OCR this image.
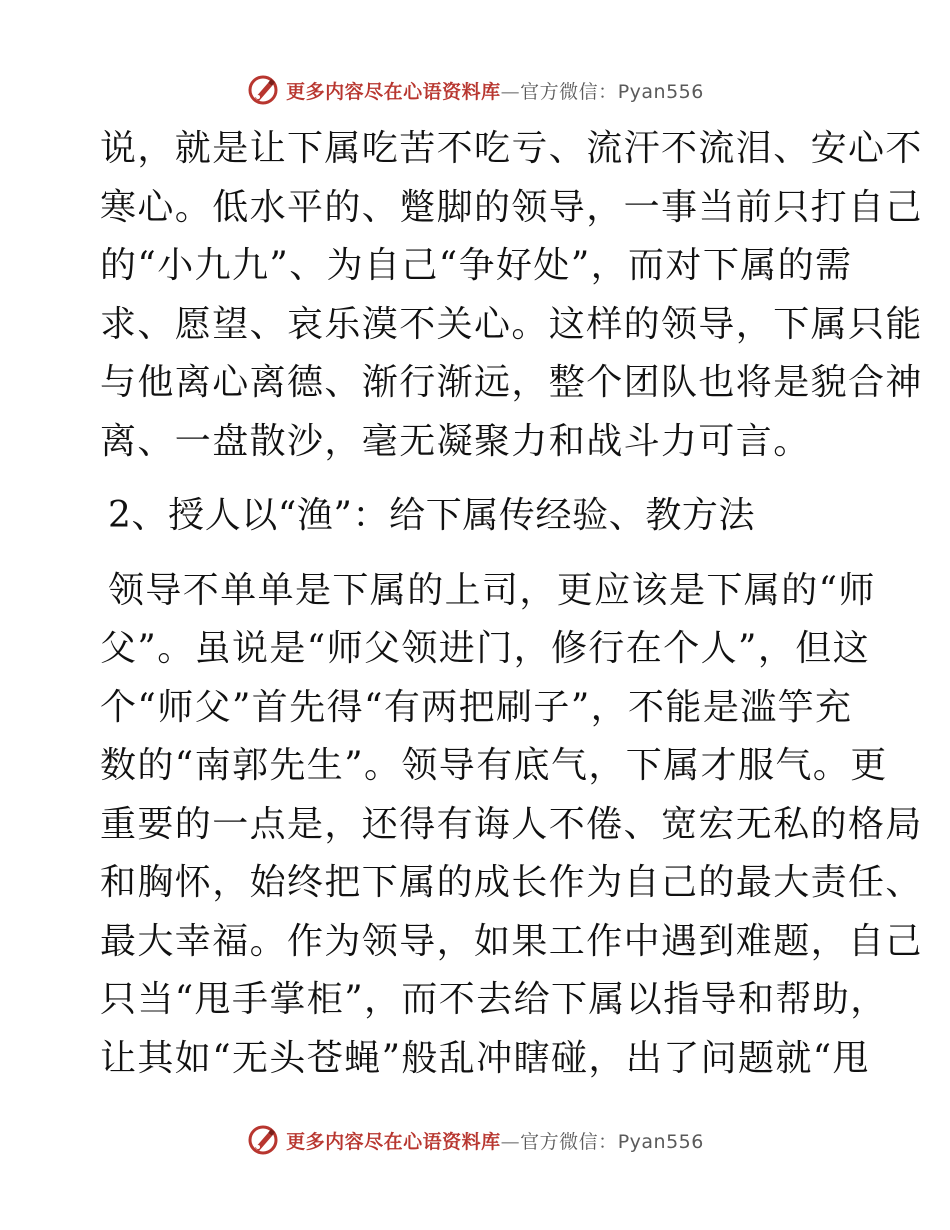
更多内容尽在心语资料库—官方微信：Pyan556
说，就是让下属吃苦不吃亏、流汗不流泪、安心不
寒心。低水平的、蹩脚的领导，一事当前只打自己
的“小九九”、为自己“争好处”，而对下属的需
求、愿望、哀乐漠不关心。这样的领导，下属只能
与他离心离德、渐行渐远，整个团队也将是貌合神
离、一盘散沙，毫无凝聚力和战斗力可言。
2、授人以“渔”：给下属传经验、教方法
领导不单单是下属的上司，更应该是下属的“师
父”。虽说是“师父领进门，修行在个人”，但这
个“师父”首先得“有两把刷子”，不能是滥竽充
数的“南郭先生”。领导有底气，下属才服气。更
重要的一点是，还得有诲人不倦、宽宏无私的格局
和胸怀，始终把下属的成长作为自己的最大责任、
最大幸福。作为领导，如果工作中遇到难题，自己
只当“甩手掌柜”，而不去给下属以指导和帮助，
让其如“无头苍蝇”般乱冲瞎碰，出了问题就“甩
更多内容尽在心语资料库—官方微信：Pyan556
